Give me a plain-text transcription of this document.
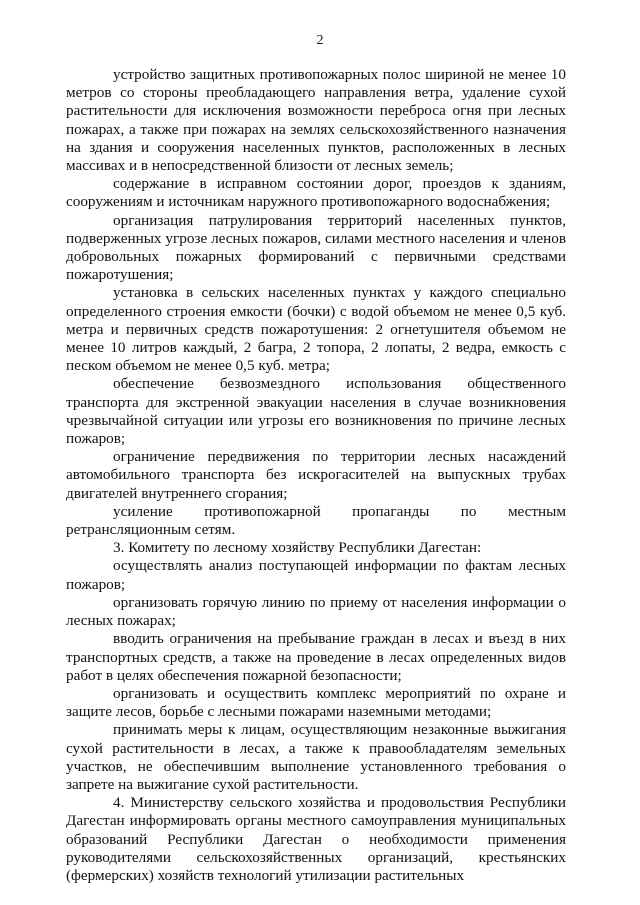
2

устройство защитных противопожарных полос шириной не менее 10 метров со стороны преобладающего направления ветра, удаление сухой растительности для исключения возможности переброса огня при лесных пожарах, а также при пожарах на землях сельскохозяйственного назначения на здания и сооружения населенных пунктов, расположенных в лесных массивах и в непосредственной близости от лесных земель;

содержание в исправном состоянии дорог, проездов к зданиям, сооружениям и источникам наружного противопожарного водоснабжения;

организация патрулирования территорий населенных пунктов, подверженных угрозе лесных пожаров, силами местного населения и членов добровольных пожарных формирований с первичными средствами пожаротушения;

установка в сельских населенных пунктах у каждого специально определенного строения емкости (бочки) с водой объемом не менее 0,5 куб. метра и первичных средств пожаротушения: 2 огнетушителя объемом не менее 10 литров каждый, 2 багра, 2 топора, 2 лопаты, 2 ведра, емкость с песком объемом не менее 0,5 куб. метра;

обеспечение безвозмездного использования общественного транспорта для экстренной эвакуации населения в случае возникновения чрезвычайной ситуации или угрозы его возникновения по причине лесных пожаров;

ограничение передвижения по территории лесных насаждений автомобильного транспорта без искрогасителей на выпускных трубах двигателей внутреннего сгорания;

усиление противопожарной пропаганды по местным ретрансляционным сетям.

3. Комитету по лесному хозяйству Республики Дагестан:

осуществлять анализ поступающей информации по фактам лесных пожаров;

организовать горячую линию по приему от населения информации о лесных пожарах;

вводить ограничения на пребывание граждан в лесах и въезд в них транспортных средств, а также на проведение в лесах определенных видов работ в целях обеспечения пожарной безопасности;

организовать и осуществить комплекс мероприятий по охране и защите лесов, борьбе с лесными пожарами наземными методами;

принимать меры к лицам, осуществляющим незаконные выжигания сухой растительности в лесах, а также к правообладателям земельных участков, не обеспечившим выполнение установленного требования о запрете на выжигание сухой растительности.

4. Министерству сельского хозяйства и продовольствия Республики Дагестан информировать органы местного самоуправления муниципальных образований Республики Дагестан о необходимости применения руководителями сельскохозяйственных организаций, крестьянских (фермерских) хозяйств технологий утилизации растительных
